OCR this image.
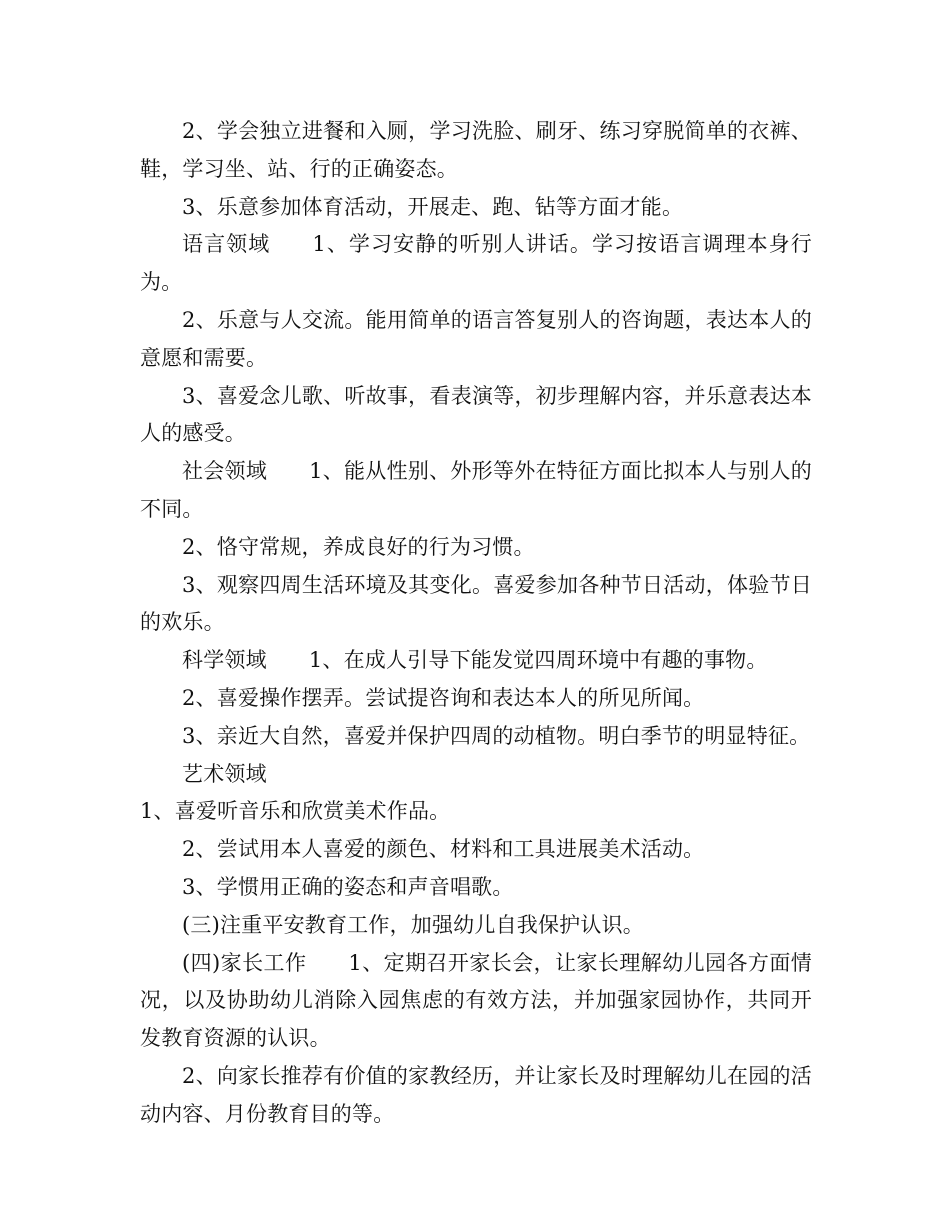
2、学会独立进餐和入厕，学习洗脸、刷牙、练习穿脱简单的衣裤、鞋，学习坐、站、行的正确姿态。

3、乐意参加体育活动，开展走、跑、钻等方面才能。

语言领域 1、学习安静的听别人讲话。学习按语言调理本身行为。

2、乐意与人交流。能用简单的语言答复别人的咨询题，表达本人的意愿和需要。

3、喜爱念儿歌、听故事，看表演等，初步理解内容，并乐意表达本人的感受。

社会领域 1、能从性别、外形等外在特征方面比拟本人与别人的不同。

2、恪守常规，养成良好的行为习惯。

3、观察四周生活环境及其变化。喜爱参加各种节日活动，体验节日的欢乐。

科学领域 1、在成人引导下能发觉四周环境中有趣的事物。

2、喜爱操作摆弄。尝试提咨询和表达本人的所见所闻。

3、亲近大自然，喜爱并保护四周的动植物。明白季节的明显特征。

艺术领域

1、喜爱听音乐和欣赏美术作品。

2、尝试用本人喜爱的颜色、材料和工具进展美术活动。

3、学惯用正确的姿态和声音唱歌。

(三)注重平安教育工作，加强幼儿自我保护认识。

(四)家长工作 1、定期召开家长会，让家长理解幼儿园各方面情况，以及协助幼儿消除入园焦虑的有效方法，并加强家园协作，共同开发教育资源的认识。

2、向家长推荐有价值的家教经历，并让家长及时理解幼儿在园的活动内容、月份教育目的等。
